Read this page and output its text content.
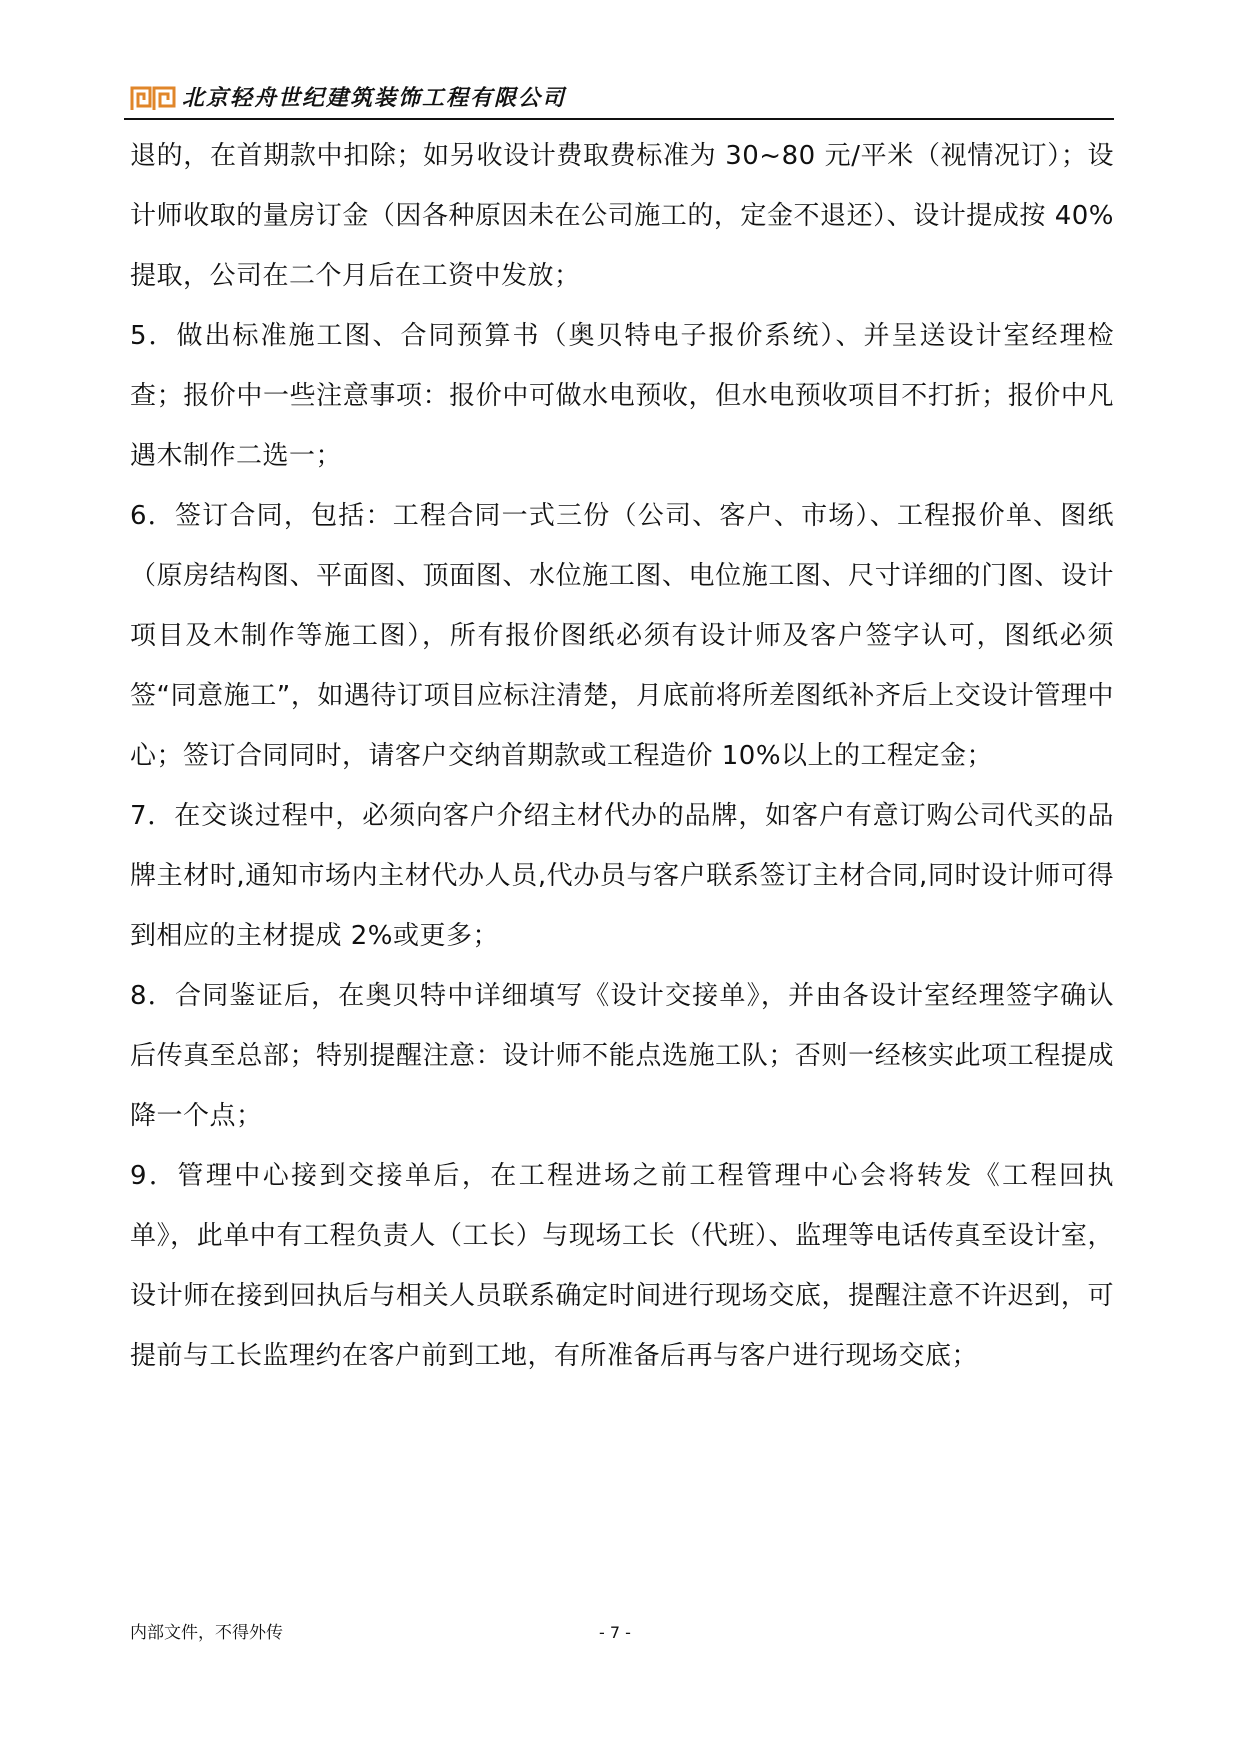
北京轻舟世纪建筑装饰工程有限公司

退的，在首期款中扣除；如另收设计费取费标准为 30~80 元/平米（视情况订）；设计师收取的量房订金（因各种原因未在公司施工的，定金不退还）、设计提成按 40%提取，公司在二个月后在工资中发放；

5．做出标准施工图、合同预算书（奥贝特电子报价系统）、并呈送设计室经理检查；报价中一些注意事项：报价中可做水电预收，但水电预收项目不打折；报价中凡遇木制作二选一；

6．签订合同，包括：工程合同一式三份（公司、客户、市场）、工程报价单、图纸（原房结构图、平面图、顶面图、水位施工图、电位施工图、尺寸详细的门图、设计项目及木制作等施工图），所有报价图纸必须有设计师及客户签字认可，图纸必须签“同意施工”，如遇待订项目应标注清楚，月底前将所差图纸补齐后上交设计管理中心；签订合同同时，请客户交纳首期款或工程造价 10%以上的工程定金；

7．在交谈过程中，必须向客户介绍主材代办的品牌，如客户有意订购公司代买的品牌主材时,通知市场内主材代办人员,代办员与客户联系签订主材合同,同时设计师可得到相应的主材提成 2%或更多；

8．合同鉴证后，在奥贝特中详细填写《设计交接单》，并由各设计室经理签字确认后传真至总部；特别提醒注意：设计师不能点选施工队；否则一经核实此项工程提成降一个点；

9．管理中心接到交接单后，在工程进场之前工程管理中心会将转发《工程回执单》，此单中有工程负责人（工长）与现场工长（代班）、监理等电话传真至设计室，设计师在接到回执后与相关人员联系确定时间进行现场交底，提醒注意不许迟到，可提前与工长监理约在客户前到工地，有所准备后再与客户进行现场交底；

内部文件，不得外传	- 7 -
